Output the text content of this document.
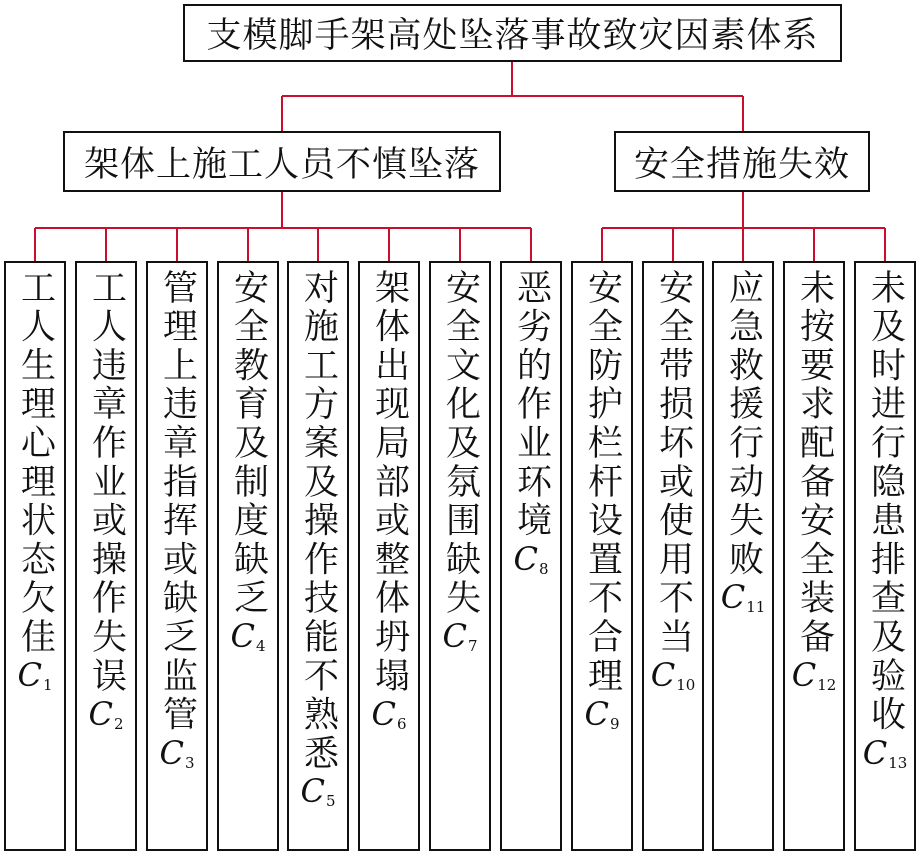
支模脚手架高处坠落事故致灾因素体系
架体上施工人员不慎坠落	安全措施失效
工人生理心理状态欠佳
$C_1$ 工人违章作业或操作失误
$C_2$ 管理上违章指挥或缺乏监管
$C_3$
安全教育及制度缺乏
$C_4$ 对施工方案及操作技能不熟悉
$C_5$
架体出现局部或整体坍塌
$C_6$
安全文化及氛围缺失
$C_7$
恶劣的作业环境
$C_8$ 安全防护栏杆设置不合理
$C_9$
安全带损坏或使用不当
$C_{10}$
应急救援行动失败
$C_{11}$ 未按要求配备安全装备
$C_{12}$ 未及时进行隐患排查及验收
$C_{13}$
